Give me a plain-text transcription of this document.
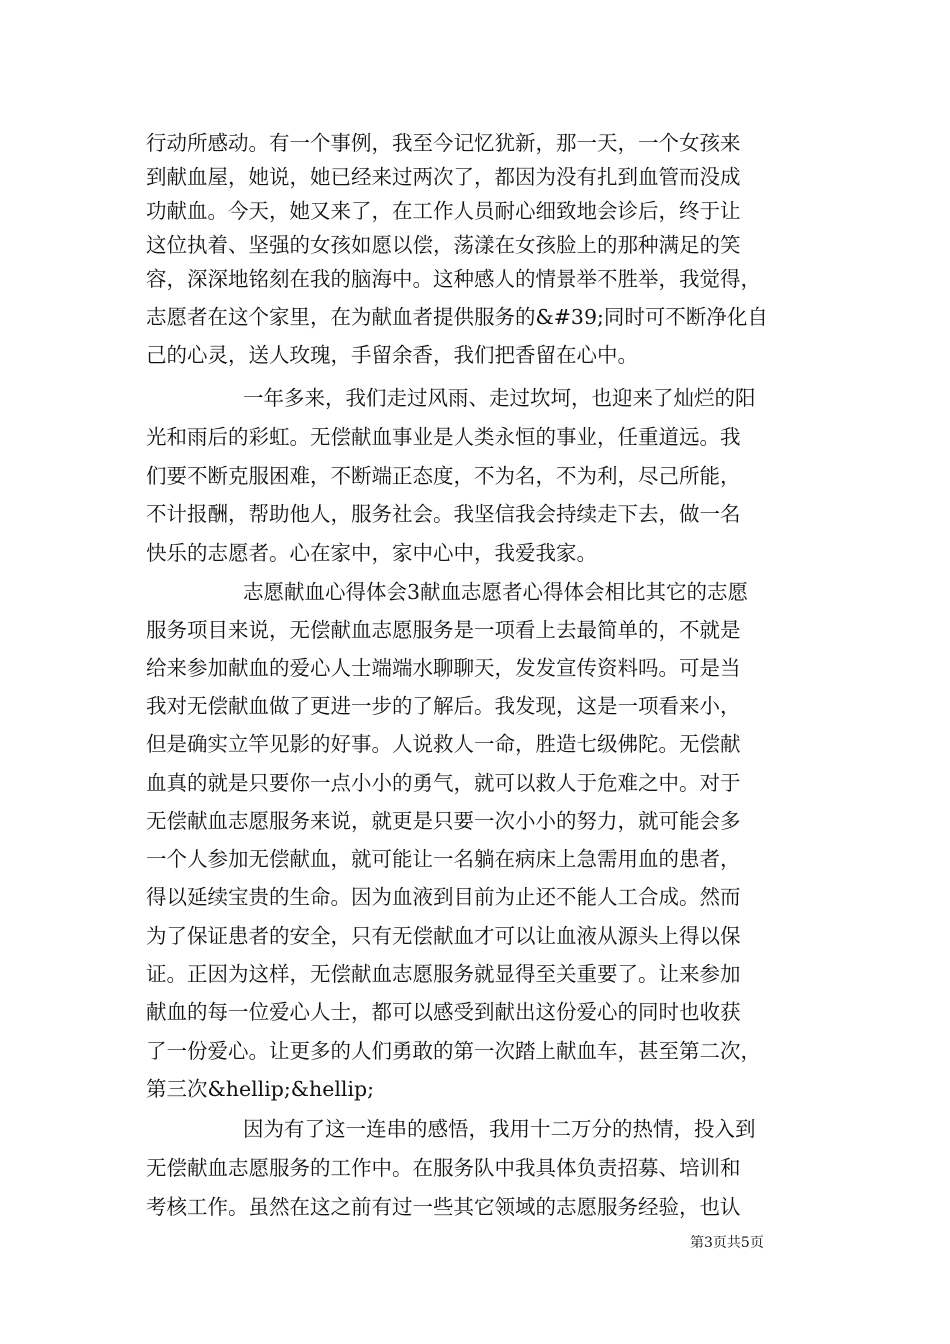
行动所感动。有一个事例，我至今记忆犹新，那一天，一个女孩来
到献血屋，她说，她已经来过两次了，都因为没有扎到血管而没成
功献血。今天，她又来了，在工作人员耐心细致地会诊后，终于让
这位执着、坚强的女孩如愿以偿，荡漾在女孩脸上的那种满足的笑
容，深深地铭刻在我的脑海中。这种感人的情景举不胜举，我觉得，
志愿者在这个家里，在为献血者提供服务的&#39;同时可不断净化自
己的心灵，送人玫瑰，手留余香，我们把香留在心中。
一年多来，我们走过风雨、走过坎坷，也迎来了灿烂的阳
光和雨后的彩虹。无偿献血事业是人类永恒的事业，任重道远。我
们要不断克服困难，不断端正态度，不为名，不为利，尽己所能，
不计报酬，帮助他人，服务社会。我坚信我会持续走下去，做一名
快乐的志愿者。心在家中，家中心中，我爱我家。
志愿献血心得体会3献血志愿者心得体会相比其它的志愿
服务项目来说，无偿献血志愿服务是一项看上去最简单的，不就是
给来参加献血的爱心人士端端水聊聊天，发发宣传资料吗。可是当
我对无偿献血做了更进一步的了解后。我发现，这是一项看来小，
但是确实立竿见影的好事。人说救人一命，胜造七级佛陀。无偿献
血真的就是只要你一点小小的勇气，就可以救人于危难之中。对于
无偿献血志愿服务来说，就更是只要一次小小的努力，就可能会多
一个人参加无偿献血，就可能让一名躺在病床上急需用血的患者，
得以延续宝贵的生命。因为血液到目前为止还不能人工合成。然而
为了保证患者的安全，只有无偿献血才可以让血液从源头上得以保
证。正因为这样，无偿献血志愿服务就显得至关重要了。让来参加
献血的每一位爱心人士，都可以感受到献出这份爱心的同时也收获
了一份爱心。让更多的人们勇敢的第一次踏上献血车，甚至第二次，
第三次&hellip;&hellip;
因为有了这一连串的感悟，我用十二万分的热情，投入到
无偿献血志愿服务的工作中。在服务队中我具体负责招募、培训和
考核工作。虽然在这之前有过一些其它领域的志愿服务经验，也认
第3页共5页
